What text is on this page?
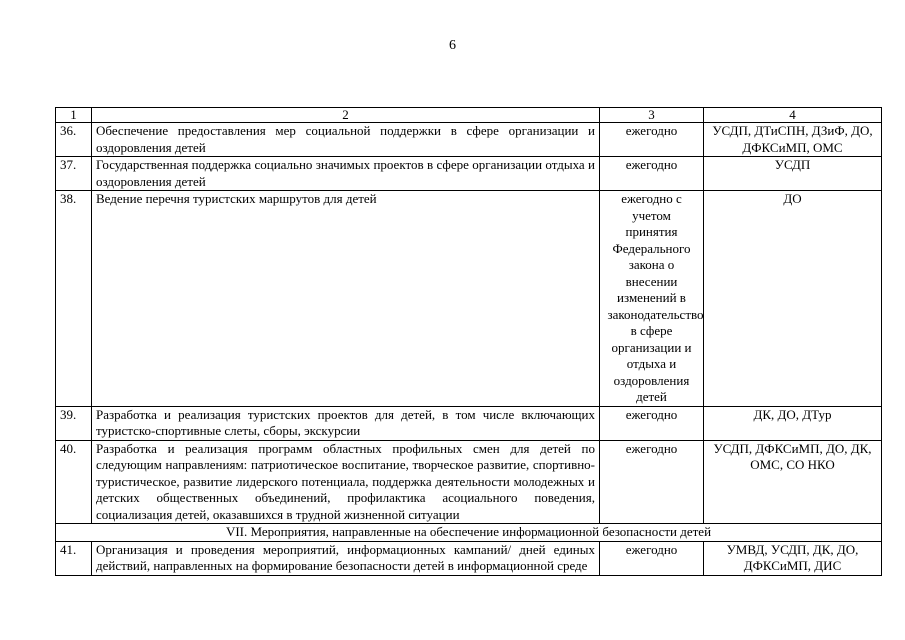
6
1	2	3	4
36.	Обеспечение предоставления мер социальной поддержки в сфере организации и оздоровления детей	ежегодно	УСДП, ДТиСПН, ДЗиФ, ДО, ДФКСиМП, ОМС
37.	Государственная поддержка социально значимых проектов в сфере организации отдыха и оздоровления детей	ежегодно	УСДП
38.	Ведение перечня туристских маршрутов для детей	ежегодно с учетом принятия Федерального закона о внесении изменений в законодательство в сфере организации и отдыха и оздоровления детей	ДО
39.	Разработка и реализация туристских проектов для детей, в том числе включающих туристско-спортивные слеты, сборы, экскурсии	ежегодно	ДК, ДО, ДТур
40.	Разработка и реализация программ областных профильных смен для детей по следующим направлениям: патриотическое воспитание, творческое развитие, спортивно-туристическое, развитие лидерского потенциала, поддержка деятельности молодежных и детских общественных объединений, профилактика асоциального поведения, социализация детей, оказавшихся в трудной жизненной ситуации	ежегодно	УСДП, ДФКСиМП, ДО, ДК, ОМС, СО НКО
VII. Мероприятия, направленные на обеспечение информационной безопасности детей			
41.	Организация и проведения мероприятий, информационных кампаний/ дней единых действий, направленных на формирование безопасности детей в информационной среде	ежегодно	УМВД, УСДП, ДК, ДО, ДФКСиМП, ДИС
